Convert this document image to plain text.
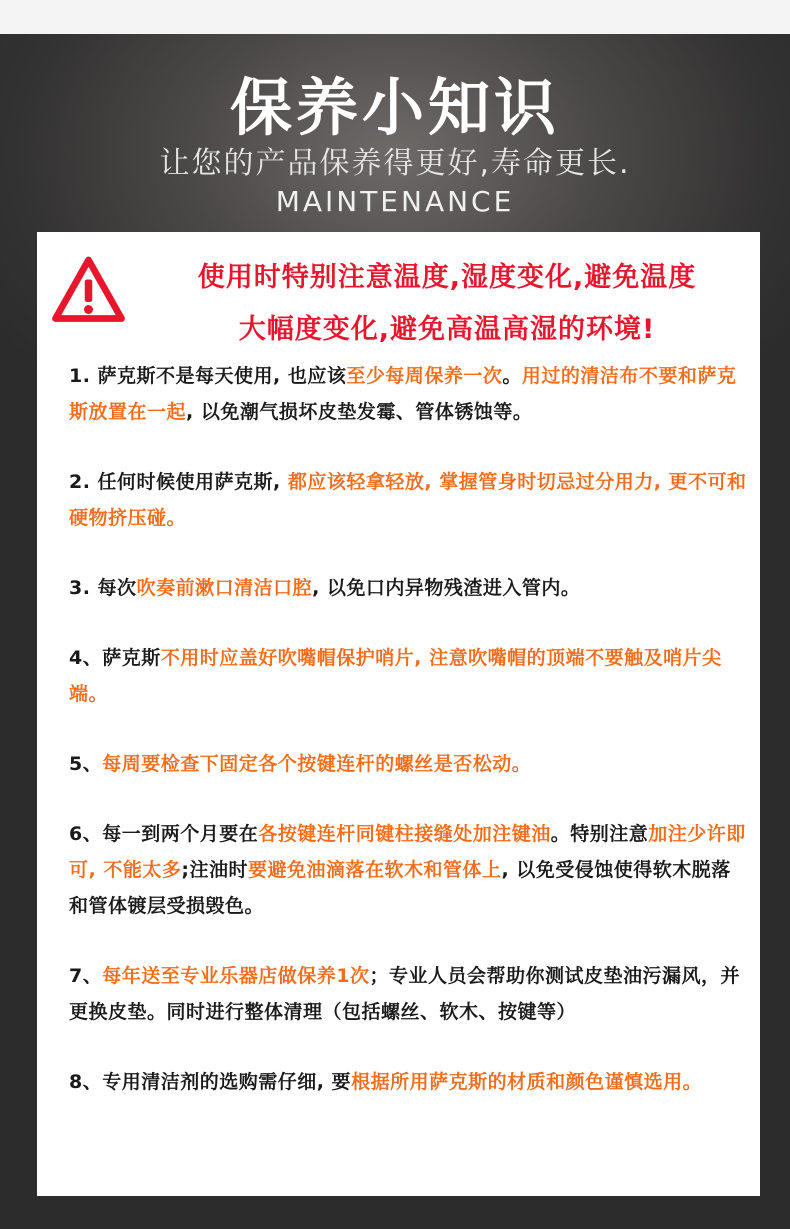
保养小知识
让您的产品保养得更好,寿命更长.
MAINTENANCE
使用时特别注意温度,湿度变化,避免温度
大幅度变化,避免高温高湿的环境!
1. 萨克斯不是每天使用, 也应该至少每周保养一次。用过的清洁布不要和萨克斯放置在一起, 以免潮气损坏皮垫发霉、管体锈蚀等。
2. 任何时候使用萨克斯, 都应该轻拿轻放, 掌握管身时切忌过分用力, 更不可和硬物挤压碰。
3. 每次吹奏前漱口清洁口腔, 以免口内异物残渣进入管内。
4、萨克斯不用时应盖好吹嘴帽保护哨片, 注意吹嘴帽的顶端不要触及哨片尖端。
5、每周要检查下固定各个按键连杆的螺丝是否松动。
6、每一到两个月要在各按键连杆同键柱接缝处加注键油。特别注意加注少许即可, 不能太多;注油时要避免油滴落在软木和管体上, 以免受侵蚀使得软木脱落和管体镀层受损毁色。
7、每年送至专业乐器店做保养1次；专业人员会帮助你测试皮垫油污漏风，并更换皮垫。同时进行整体清理（包括螺丝、软木、按键等）
8、专用清洁剂的选购需仔细, 要根据所用萨克斯的材质和颜色谨慎选用。
